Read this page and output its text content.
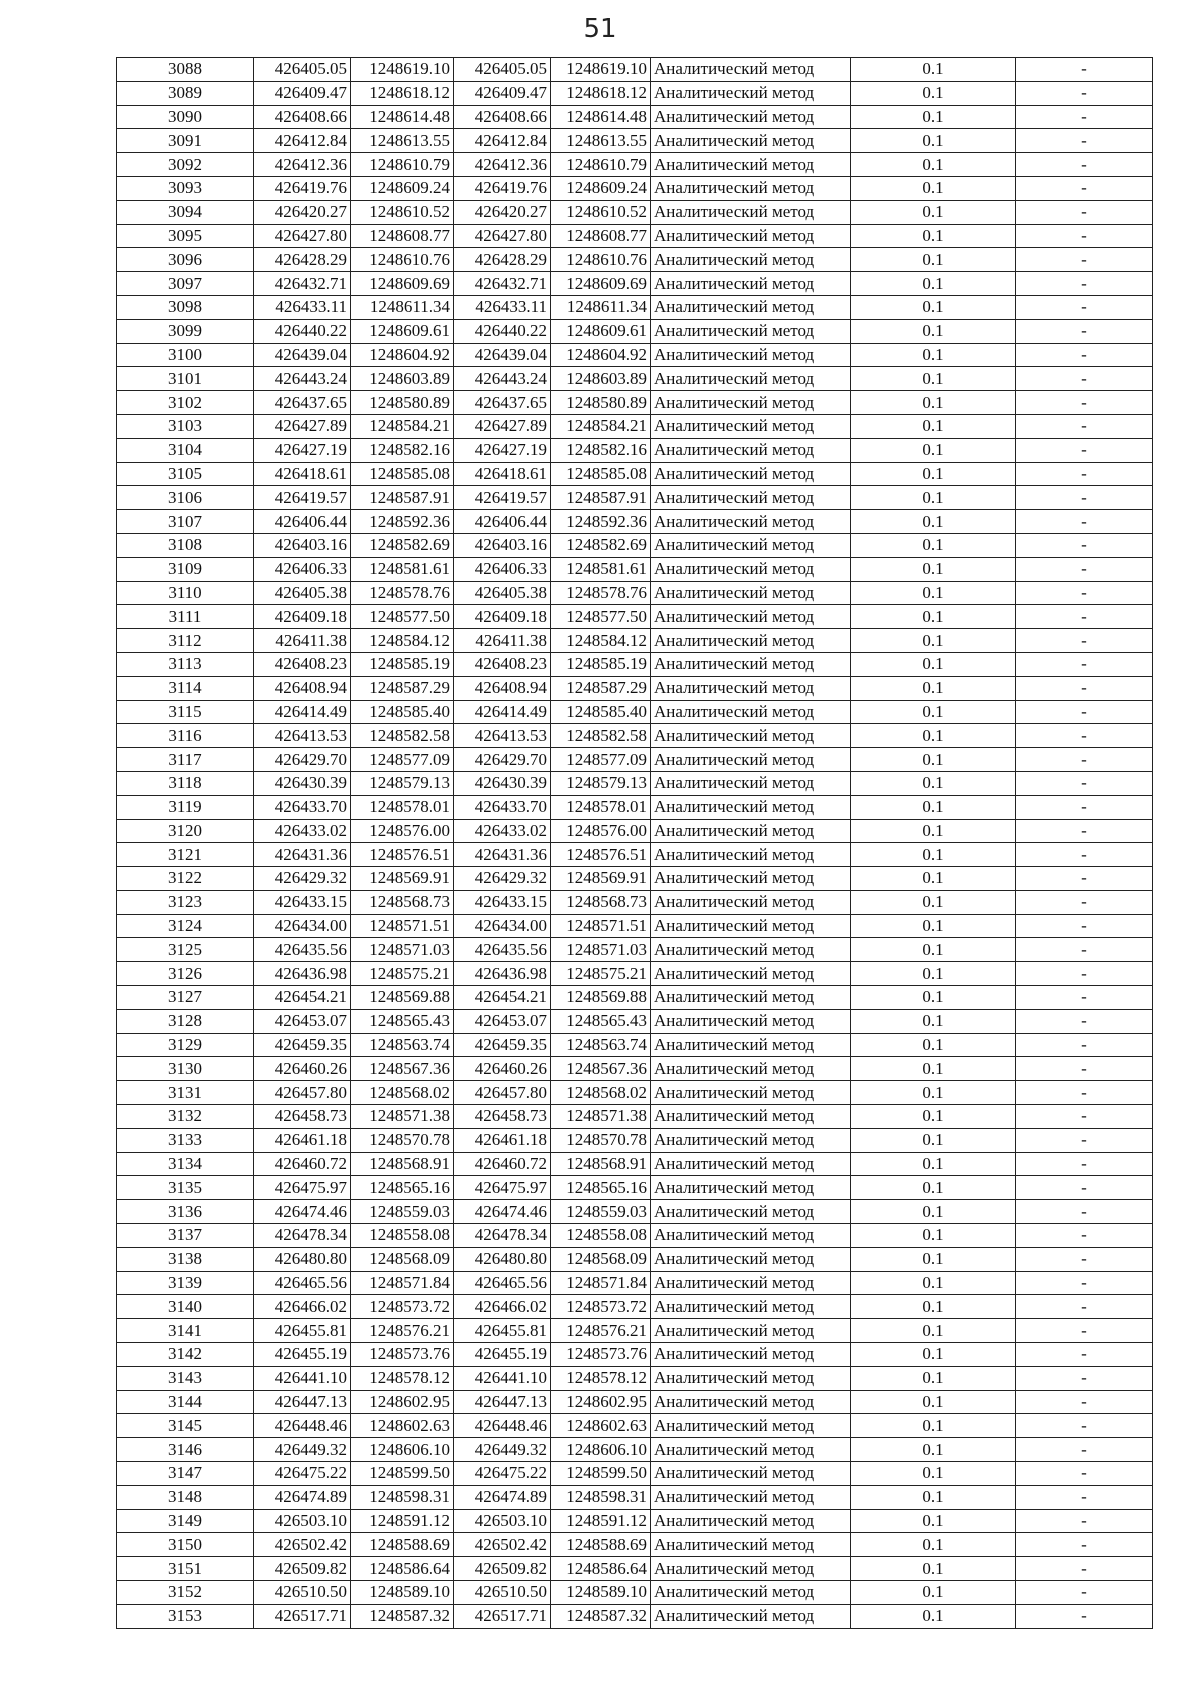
51
3088	426405.05	1248619.10	426405.05	1248619.10	Аналитический метод	0.1	-
3089	426409.47	1248618.12	426409.47	1248618.12	Аналитический метод	0.1	-
3090	426408.66	1248614.48	426408.66	1248614.48	Аналитический метод	0.1	-
3091	426412.84	1248613.55	426412.84	1248613.55	Аналитический метод	0.1	-
3092	426412.36	1248610.79	426412.36	1248610.79	Аналитический метод	0.1	-
3093	426419.76	1248609.24	426419.76	1248609.24	Аналитический метод	0.1	-
3094	426420.27	1248610.52	426420.27	1248610.52	Аналитический метод	0.1	-
3095	426427.80	1248608.77	426427.80	1248608.77	Аналитический метод	0.1	-
3096	426428.29	1248610.76	426428.29	1248610.76	Аналитический метод	0.1	-
3097	426432.71	1248609.69	426432.71	1248609.69	Аналитический метод	0.1	-
3098	426433.11	1248611.34	426433.11	1248611.34	Аналитический метод	0.1	-
3099	426440.22	1248609.61	426440.22	1248609.61	Аналитический метод	0.1	-
3100	426439.04	1248604.92	426439.04	1248604.92	Аналитический метод	0.1	-
3101	426443.24	1248603.89	426443.24	1248603.89	Аналитический метод	0.1	-
3102	426437.65	1248580.89	426437.65	1248580.89	Аналитический метод	0.1	-
3103	426427.89	1248584.21	426427.89	1248584.21	Аналитический метод	0.1	-
3104	426427.19	1248582.16	426427.19	1248582.16	Аналитический метод	0.1	-
3105	426418.61	1248585.08	426418.61	1248585.08	Аналитический метод	0.1	-
3106	426419.57	1248587.91	426419.57	1248587.91	Аналитический метод	0.1	-
3107	426406.44	1248592.36	426406.44	1248592.36	Аналитический метод	0.1	-
3108	426403.16	1248582.69	426403.16	1248582.69	Аналитический метод	0.1	-
3109	426406.33	1248581.61	426406.33	1248581.61	Аналитический метод	0.1	-
3110	426405.38	1248578.76	426405.38	1248578.76	Аналитический метод	0.1	-
3111	426409.18	1248577.50	426409.18	1248577.50	Аналитический метод	0.1	-
3112	426411.38	1248584.12	426411.38	1248584.12	Аналитический метод	0.1	-
3113	426408.23	1248585.19	426408.23	1248585.19	Аналитический метод	0.1	-
3114	426408.94	1248587.29	426408.94	1248587.29	Аналитический метод	0.1	-
3115	426414.49	1248585.40	426414.49	1248585.40	Аналитический метод	0.1	-
3116	426413.53	1248582.58	426413.53	1248582.58	Аналитический метод	0.1	-
3117	426429.70	1248577.09	426429.70	1248577.09	Аналитический метод	0.1	-
3118	426430.39	1248579.13	426430.39	1248579.13	Аналитический метод	0.1	-
3119	426433.70	1248578.01	426433.70	1248578.01	Аналитический метод	0.1	-
3120	426433.02	1248576.00	426433.02	1248576.00	Аналитический метод	0.1	-
3121	426431.36	1248576.51	426431.36	1248576.51	Аналитический метод	0.1	-
3122	426429.32	1248569.91	426429.32	1248569.91	Аналитический метод	0.1	-
3123	426433.15	1248568.73	426433.15	1248568.73	Аналитический метод	0.1	-
3124	426434.00	1248571.51	426434.00	1248571.51	Аналитический метод	0.1	-
3125	426435.56	1248571.03	426435.56	1248571.03	Аналитический метод	0.1	-
3126	426436.98	1248575.21	426436.98	1248575.21	Аналитический метод	0.1	-
3127	426454.21	1248569.88	426454.21	1248569.88	Аналитический метод	0.1	-
3128	426453.07	1248565.43	426453.07	1248565.43	Аналитический метод	0.1	-
3129	426459.35	1248563.74	426459.35	1248563.74	Аналитический метод	0.1	-
3130	426460.26	1248567.36	426460.26	1248567.36	Аналитический метод	0.1	-
3131	426457.80	1248568.02	426457.80	1248568.02	Аналитический метод	0.1	-
3132	426458.73	1248571.38	426458.73	1248571.38	Аналитический метод	0.1	-
3133	426461.18	1248570.78	426461.18	1248570.78	Аналитический метод	0.1	-
3134	426460.72	1248568.91	426460.72	1248568.91	Аналитический метод	0.1	-
3135	426475.97	1248565.16	426475.97	1248565.16	Аналитический метод	0.1	-
3136	426474.46	1248559.03	426474.46	1248559.03	Аналитический метод	0.1	-
3137	426478.34	1248558.08	426478.34	1248558.08	Аналитический метод	0.1	-
3138	426480.80	1248568.09	426480.80	1248568.09	Аналитический метод	0.1	-
3139	426465.56	1248571.84	426465.56	1248571.84	Аналитический метод	0.1	-
3140	426466.02	1248573.72	426466.02	1248573.72	Аналитический метод	0.1	-
3141	426455.81	1248576.21	426455.81	1248576.21	Аналитический метод	0.1	-
3142	426455.19	1248573.76	426455.19	1248573.76	Аналитический метод	0.1	-
3143	426441.10	1248578.12	426441.10	1248578.12	Аналитический метод	0.1	-
3144	426447.13	1248602.95	426447.13	1248602.95	Аналитический метод	0.1	-
3145	426448.46	1248602.63	426448.46	1248602.63	Аналитический метод	0.1	-
3146	426449.32	1248606.10	426449.32	1248606.10	Аналитический метод	0.1	-
3147	426475.22	1248599.50	426475.22	1248599.50	Аналитический метод	0.1	-
3148	426474.89	1248598.31	426474.89	1248598.31	Аналитический метод	0.1	-
3149	426503.10	1248591.12	426503.10	1248591.12	Аналитический метод	0.1	-
3150	426502.42	1248588.69	426502.42	1248588.69	Аналитический метод	0.1	-
3151	426509.82	1248586.64	426509.82	1248586.64	Аналитический метод	0.1	-
3152	426510.50	1248589.10	426510.50	1248589.10	Аналитический метод	0.1	-
3153	426517.71	1248587.32	426517.71	1248587.32	Аналитический метод	0.1	-
